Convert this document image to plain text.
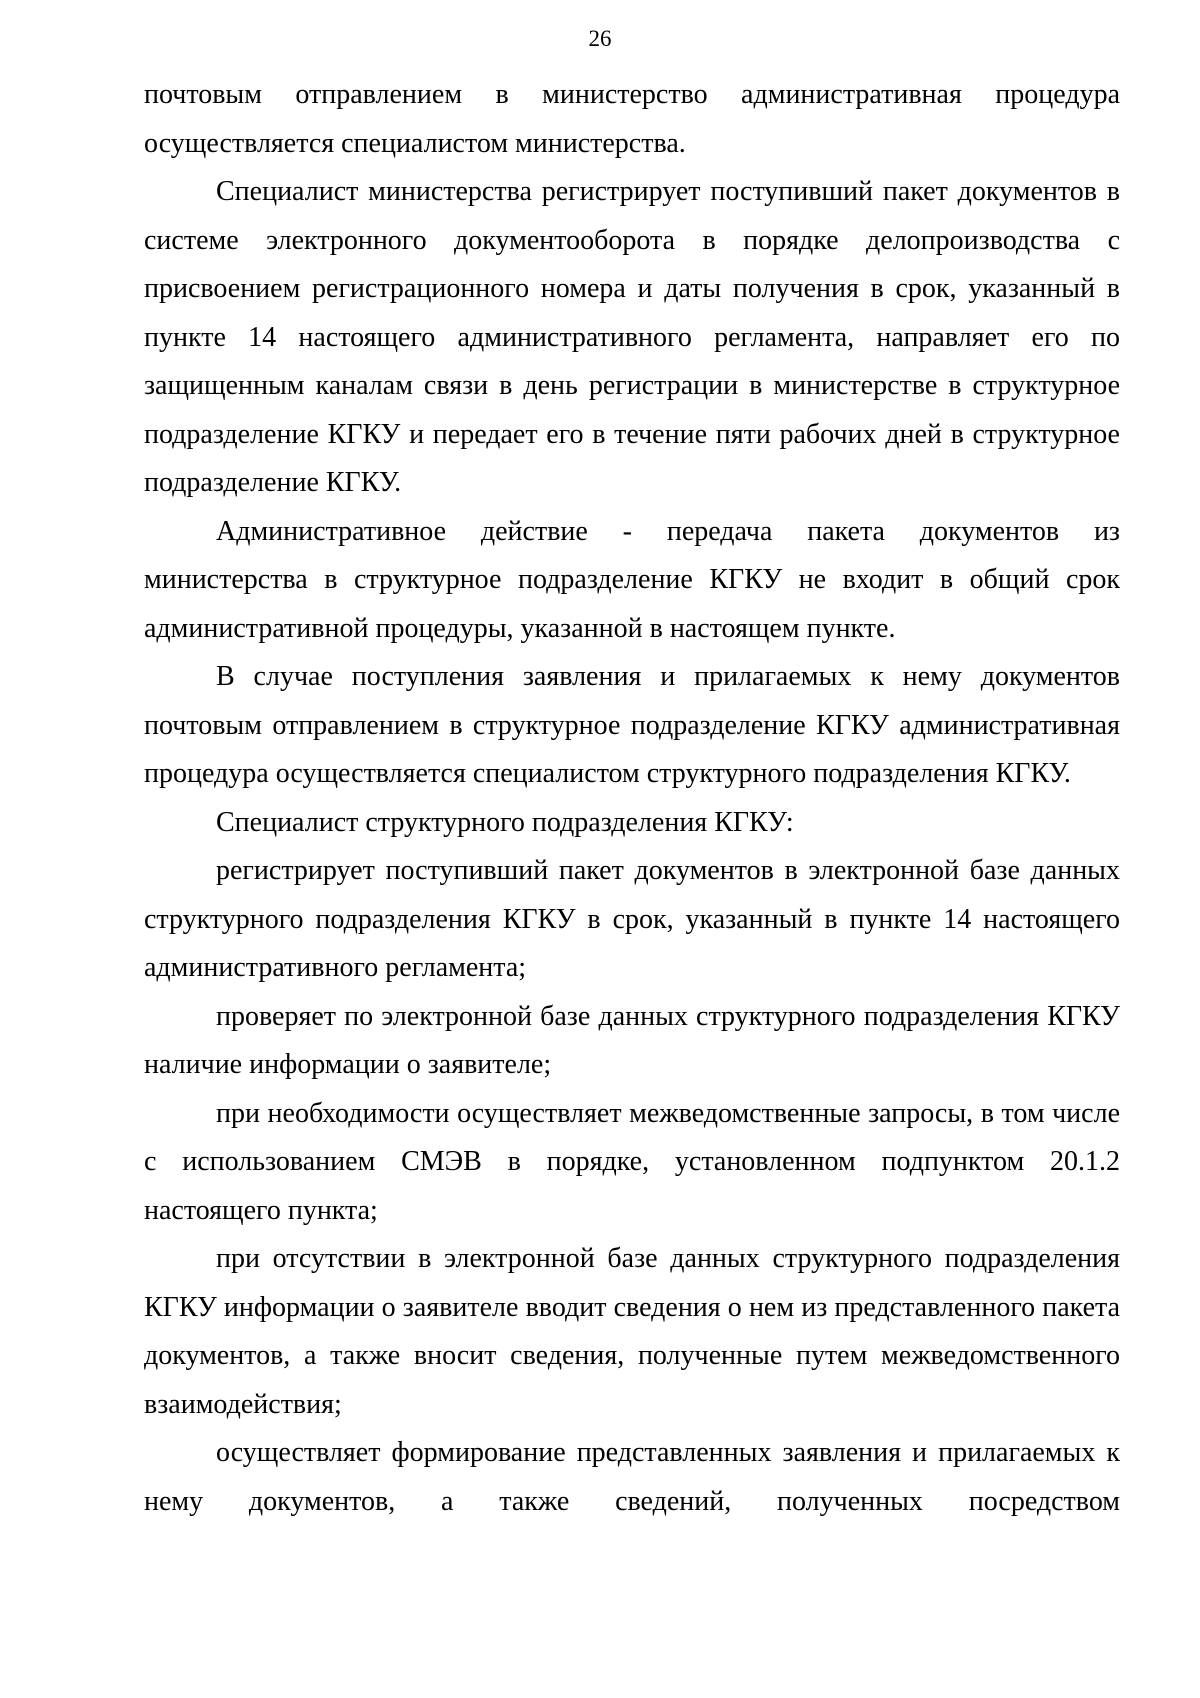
26

почтовым отправлением в министерство административная процедура осуществляется специалистом министерства.

Специалист министерства регистрирует поступивший пакет документов в системе электронного документооборота в порядке делопроизводства с присвоением регистрационного номера и даты получения в срок, указанный в пункте 14 настоящего административного регламента, направляет его по защищенным каналам связи в день регистрации в министерстве в структурное подразделение КГКУ и передает его в течение пяти рабочих дней в структурное подразделение КГКУ.

Административное действие - передача пакета документов из министерства в структурное подразделение КГКУ не входит в общий срок административной процедуры, указанной в настоящем пункте.

В случае поступления заявления и прилагаемых к нему документов почтовым отправлением в структурное подразделение КГКУ административная процедура осуществляется специалистом структурного подразделения КГКУ.

Специалист структурного подразделения КГКУ:

регистрирует поступивший пакет документов в электронной базе данных структурного подразделения КГКУ в срок, указанный в пункте 14 настоящего административного регламента;

проверяет по электронной базе данных структурного подразделения КГКУ наличие информации о заявителе;

при необходимости осуществляет межведомственные запросы, в том числе с использованием СМЭВ в порядке, установленном подпунктом 20.1.2 настоящего пункта;

при отсутствии в электронной базе данных структурного подразделения КГКУ информации о заявителе вводит сведения о нем из представленного пакета документов, а также вносит сведения, полученные путем межведомственного взаимодействия;

осуществляет формирование представленных заявления и прилагаемых к нему документов, а также сведений, полученных посредством
